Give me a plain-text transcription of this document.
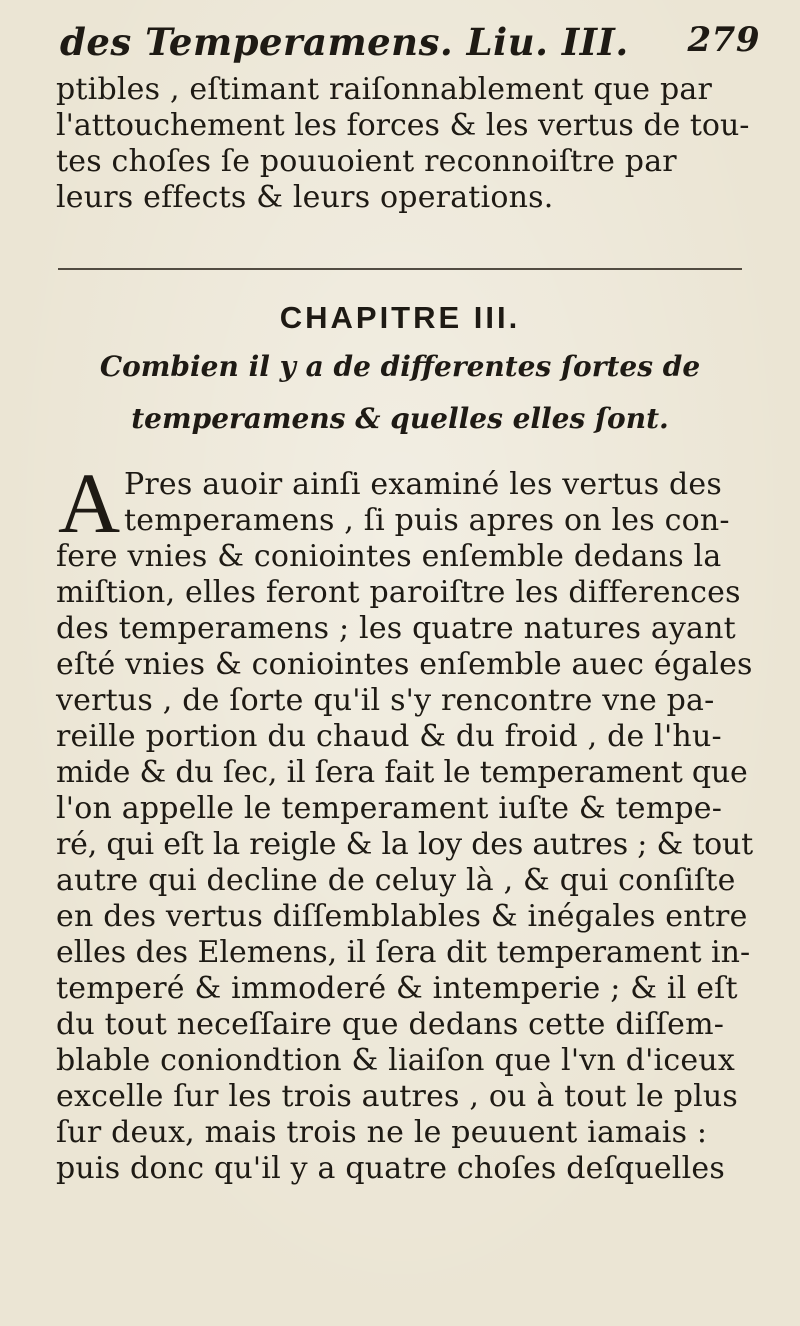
des Temperamens. Liu. III. 279
ptibles , eſtimant raiſonnablement que par
l'attouchement les forces & les vertus de tou-
tes choſes ſe pouuoient reconnoiſtre par
leurs effects & leurs operations.
CHAPITRE III.
Combien il y a de differentes ſortes de
temperamens & quelles elles ſont.
A Pres auoir ainſi examiné les vertus des
temperamens , ſi puis apres on les con-
fere vnies & coniointes enſemble dedans la
miſtion, elles feront paroiſtre les differences
des temperamens ; les quatre natures ayant
eſté vnies & coniointes enſemble auec égales
vertus , de ſorte qu'il s'y rencontre vne pa-
reille portion du chaud & du froid , de l'hu-
mide & du ſec, il ſera fait le temperament que
l'on appelle le temperament iuſte & tempe-
ré, qui eſt la reigle & la loy des autres ; & tout
autre qui decline de celuy là , & qui conſiſte
en des vertus diſſemblables & inégales entre
elles des Elemens, il ſera dit temperament in-
temperé & immoderé & intemperie ; & il eſt
du tout neceſſaire que dedans cette diſſem-
blable coniondtion & liaiſon que l'vn d'iceux
excelle ſur les trois autres , ou à tout le plus
ſur deux, mais trois ne le peuuent iamais :
puis donc qu'il y a quatre choſes deſquelles
